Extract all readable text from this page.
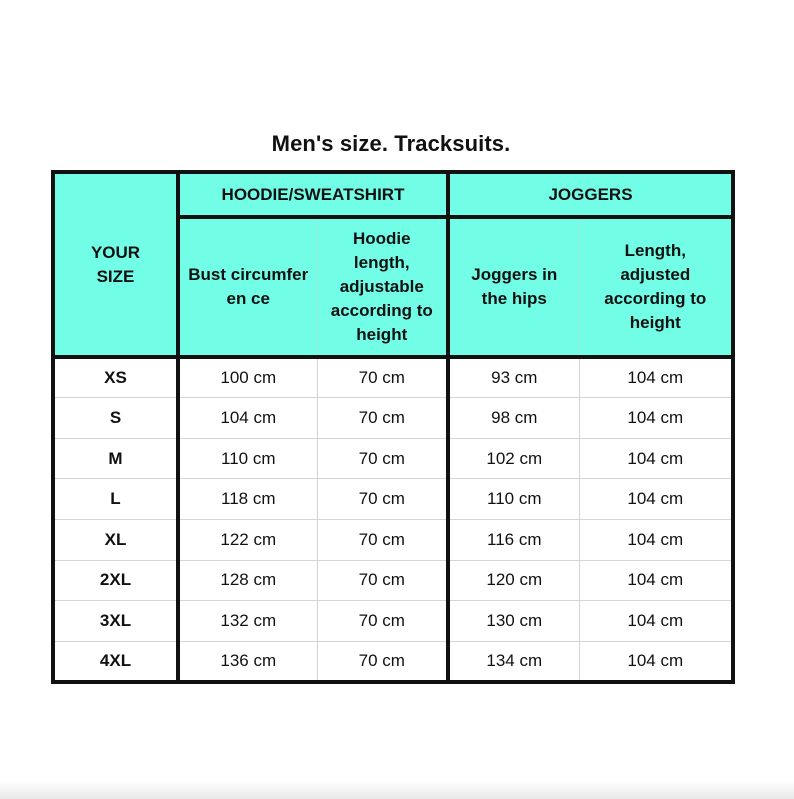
Men's size. Tracksuits.
YOUR SIZE	HOODIE/SWEATSHIRT		JOGGERS	

	Bust circumferen ce	Hoodie length, adjustable according to height	Joggers in the hips	Length, adjusted according to height

XS	100 cm	70 cm	93 cm	104 cm
S	104 cm	70 cm	98 cm	104 cm
M	110 cm	70 cm	102 cm	104 cm
L	118 cm	70 cm	110 cm	104 cm
XL	122 cm	70 cm	116 cm	104 cm
2XL	128 cm	70 cm	120 cm	104 cm
3XL	132 cm	70 cm	130 cm	104 cm
4XL	136 cm	70 cm	134 cm	104 cm
